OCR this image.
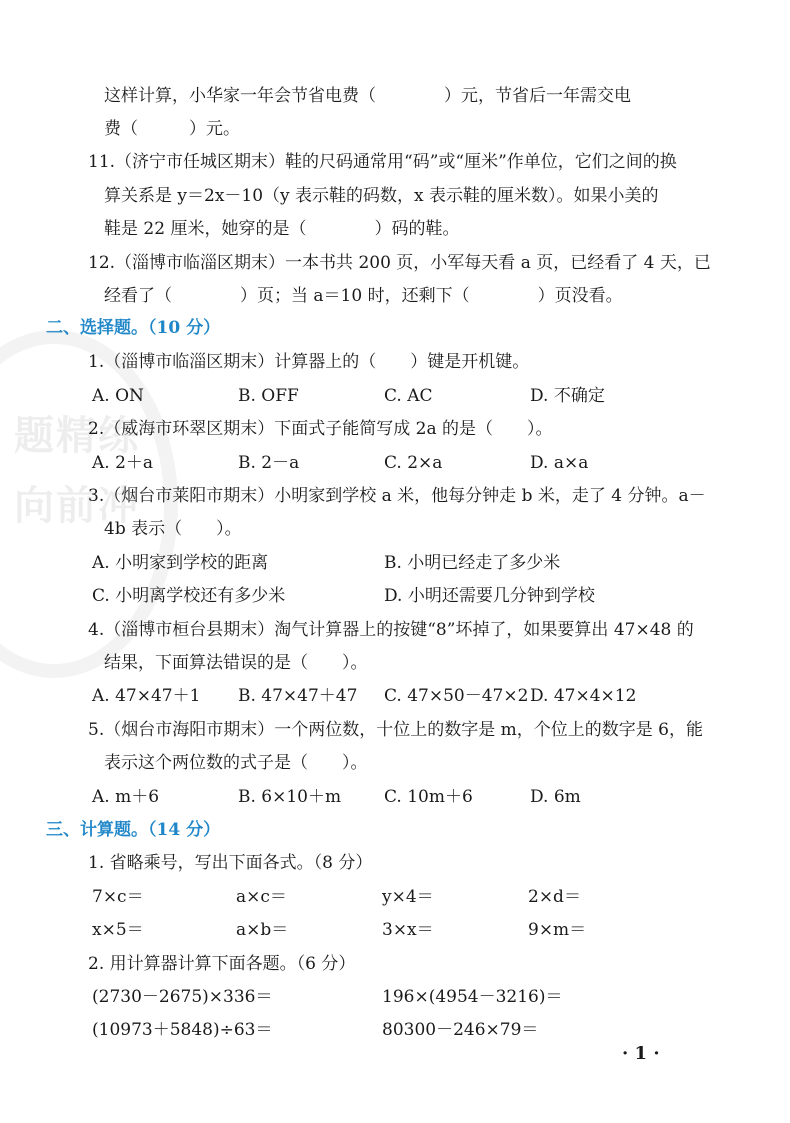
题精练
向前冲
这样计算，小华家一年会节省电费（　　　　）元，节省后一年需交电
费（　　　）元。
11.（济宁市任城区期末）鞋的尺码通常用“码”或“厘米”作单位，它们之间的换
算关系是 y＝2x－10（y 表示鞋的码数，x 表示鞋的厘米数）。如果小美的
鞋是 22 厘米，她穿的是（　　　　）码的鞋。
12.（淄博市临淄区期末）一本书共 200 页，小军每天看 a 页，已经看了 4 天，已
经看了（　　　　）页；当 a＝10 时，还剩下（　　　　）页没看。
二、选择题。（10 分）
1.（淄博市临淄区期末）计算器上的（　　）键是开机键。
A. ON	B. OFF	C. AC	D. 不确定
2.（威海市环翠区期末）下面式子能简写成 2a 的是（　　）。
A. 2＋a	B. 2－a	C. 2×a	D. a×a
3.（烟台市莱阳市期末）小明家到学校 a 米，他每分钟走 b 米，走了 4 分钟。a－
4b 表示（　　）。
A. 小明家到学校的距离	B. 小明已经走了多少米
C. 小明离学校还有多少米	D. 小明还需要几分钟到学校
4.（淄博市桓台县期末）淘气计算器上的按键“8”坏掉了，如果要算出 47×48 的
结果，下面算法错误的是（　　）。
A. 47×47＋1 B. 47×47＋47 C. 47×50－47×2 D. 47×4×12
5.（烟台市海阳市期末）一个两位数，十位上的数字是 m，个位上的数字是 6，能
表示这个两位数的式子是（　　）。
A. m＋6	B. 6×10＋m	C. 10m＋6	D. 6m
三、计算题。（14 分）
1. 省略乘号，写出下面各式。（8 分）
7×c＝	a×c＝	y×4＝	2×d＝
x×5＝	a×b＝	3×x＝	9×m＝
2. 用计算器计算下面各题。（6 分）
(2730－2675)×336＝	196×(4954－3216)＝
(10973＋5848)÷63＝	80300－246×79＝
· 1 ·
